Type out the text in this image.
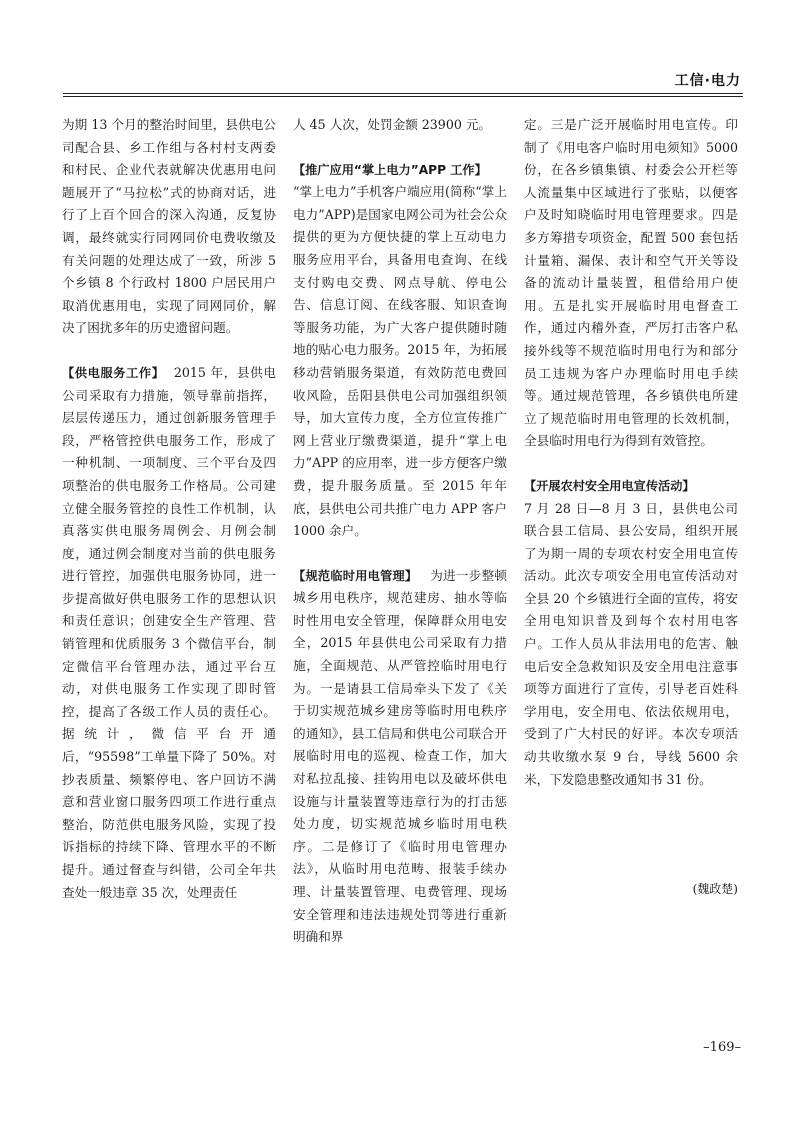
工信·电力

为期 13 个月的整治时间里，县供电公司配合县、乡工作组与各村村支两委和村民、企业代表就解决优惠用电问题展开了“马拉松”式的协商对话，进行了上百个回合的深入沟通，反复协调，最终就实行同网同价电费收缴及有关问题的处理达成了一致，所涉 5 个乡镇 8 个行政村 1800 户居民用户取消优惠用电，实现了同网同价，解决了困扰多年的历史遗留问题。

【供电服务工作】 2015 年，县供电公司采取有力措施，领导靠前指挥，层层传递压力，通过创新服务管理手段，严格管控供电服务工作，形成了一种机制、一项制度、三个平台及四项整治的供电服务工作格局。公司建立健全服务管控的良性工作机制，认真落实供电服务周例会、月例会制度，通过例会制度对当前的供电服务进行管控，加强供电服务协同，进一步提高做好供电服务工作的思想认识和责任意识；创建安全生产管理、营销管理和优质服务 3 个微信平台，制定微信平台管理办法，通过平台互动，对供电服务工作实现了即时管控，提高了各级工作人员的责任心。据统计，微信平台开通后，“95598”工单量下降了 50%。对抄表质量、频繁停电、客户回访不满意和营业窗口服务四项工作进行重点整治，防范供电服务风险，实现了投诉指标的持续下降、管理水平的不断提升。通过督查与纠错，公司全年共查处一般违章 35 次，处理责任

人 45 人次，处罚金额 23900 元。

【推广应用“掌上电力”APP 工作】

“掌上电力”手机客户端应用(简称“掌上电力”APP)是国家电网公司为社会公众提供的更为方便快捷的掌上互动电力服务应用平台，具备用电查询、在线支付购电交费、网点导航、停电公告、信息订阅、在线客服、知识查询等服务功能，为广大客户提供随时随地的贴心电力服务。2015 年，为拓展移动营销服务渠道，有效防范电费回收风险，岳阳县供电公司加强组织领导，加大宣传力度，全方位宣传推广网上营业厅缴费渠道，提升“掌上电力”APP 的应用率，进一步方便客户缴费，提升服务质量。至 2015 年年底，县供电公司共推广电力 APP 客户 1000 余户。

【规范临时用电管理】 为进一步整顿城乡用电秩序，规范建房、抽水等临时性用电安全管理，保障群众用电安全，2015 年县供电公司采取有力措施，全面规范、从严管控临时用电行为。一是请县工信局牵头下发了《关于切实规范城乡建房等临时用电秩序的通知》，县工信局和供电公司联合开展临时用电的巡视、检查工作，加大对私拉乱接、挂钩用电以及破坏供电设施与计量装置等违章行为的打击惩处力度，切实规范城乡临时用电秩序。二是修订了《临时用电管理办法》，从临时用电范畴、报装手续办理、计量装置管理、电费管理、现场安全管理和违法违规处罚等进行重新明确和界

定。三是广泛开展临时用电宣传。印制了《用电客户临时用电须知》5000 份，在各乡镇集镇、村委会公开栏等人流量集中区域进行了张贴，以便客户及时知晓临时用电管理要求。四是多方筹措专项资金，配置 500 套包括计量箱、漏保、表计和空气开关等设备的流动计量装置，租借给用户使用。五是扎实开展临时用电督查工作，通过内稽外查，严厉打击客户私接外线等不规范临时用电行为和部分员工违规为客户办理临时用电手续等。通过规范管理，各乡镇供电所建立了规范临时用电管理的长效机制，全县临时用电行为得到有效管控。

【开展农村安全用电宣传活动】

7 月 28 日—8 月 3 日，县供电公司联合县工信局、县公安局，组织开展了为期一周的专项农村安全用电宣传活动。此次专项安全用电宣传活动对全县 20 个乡镇进行全面的宣传，将安全用电知识普及到每个农村用电客户。工作人员从非法用电的危害、触电后安全急救知识及安全用电注意事项等方面进行了宣传，引导老百姓科学用电，安全用电、依法依规用电，受到了广大村民的好评。本次专项活动共收缴水泵 9 台，导线 5600 余米，下发隐患整改通知书 31 份。

(魏政楚)

–169–
